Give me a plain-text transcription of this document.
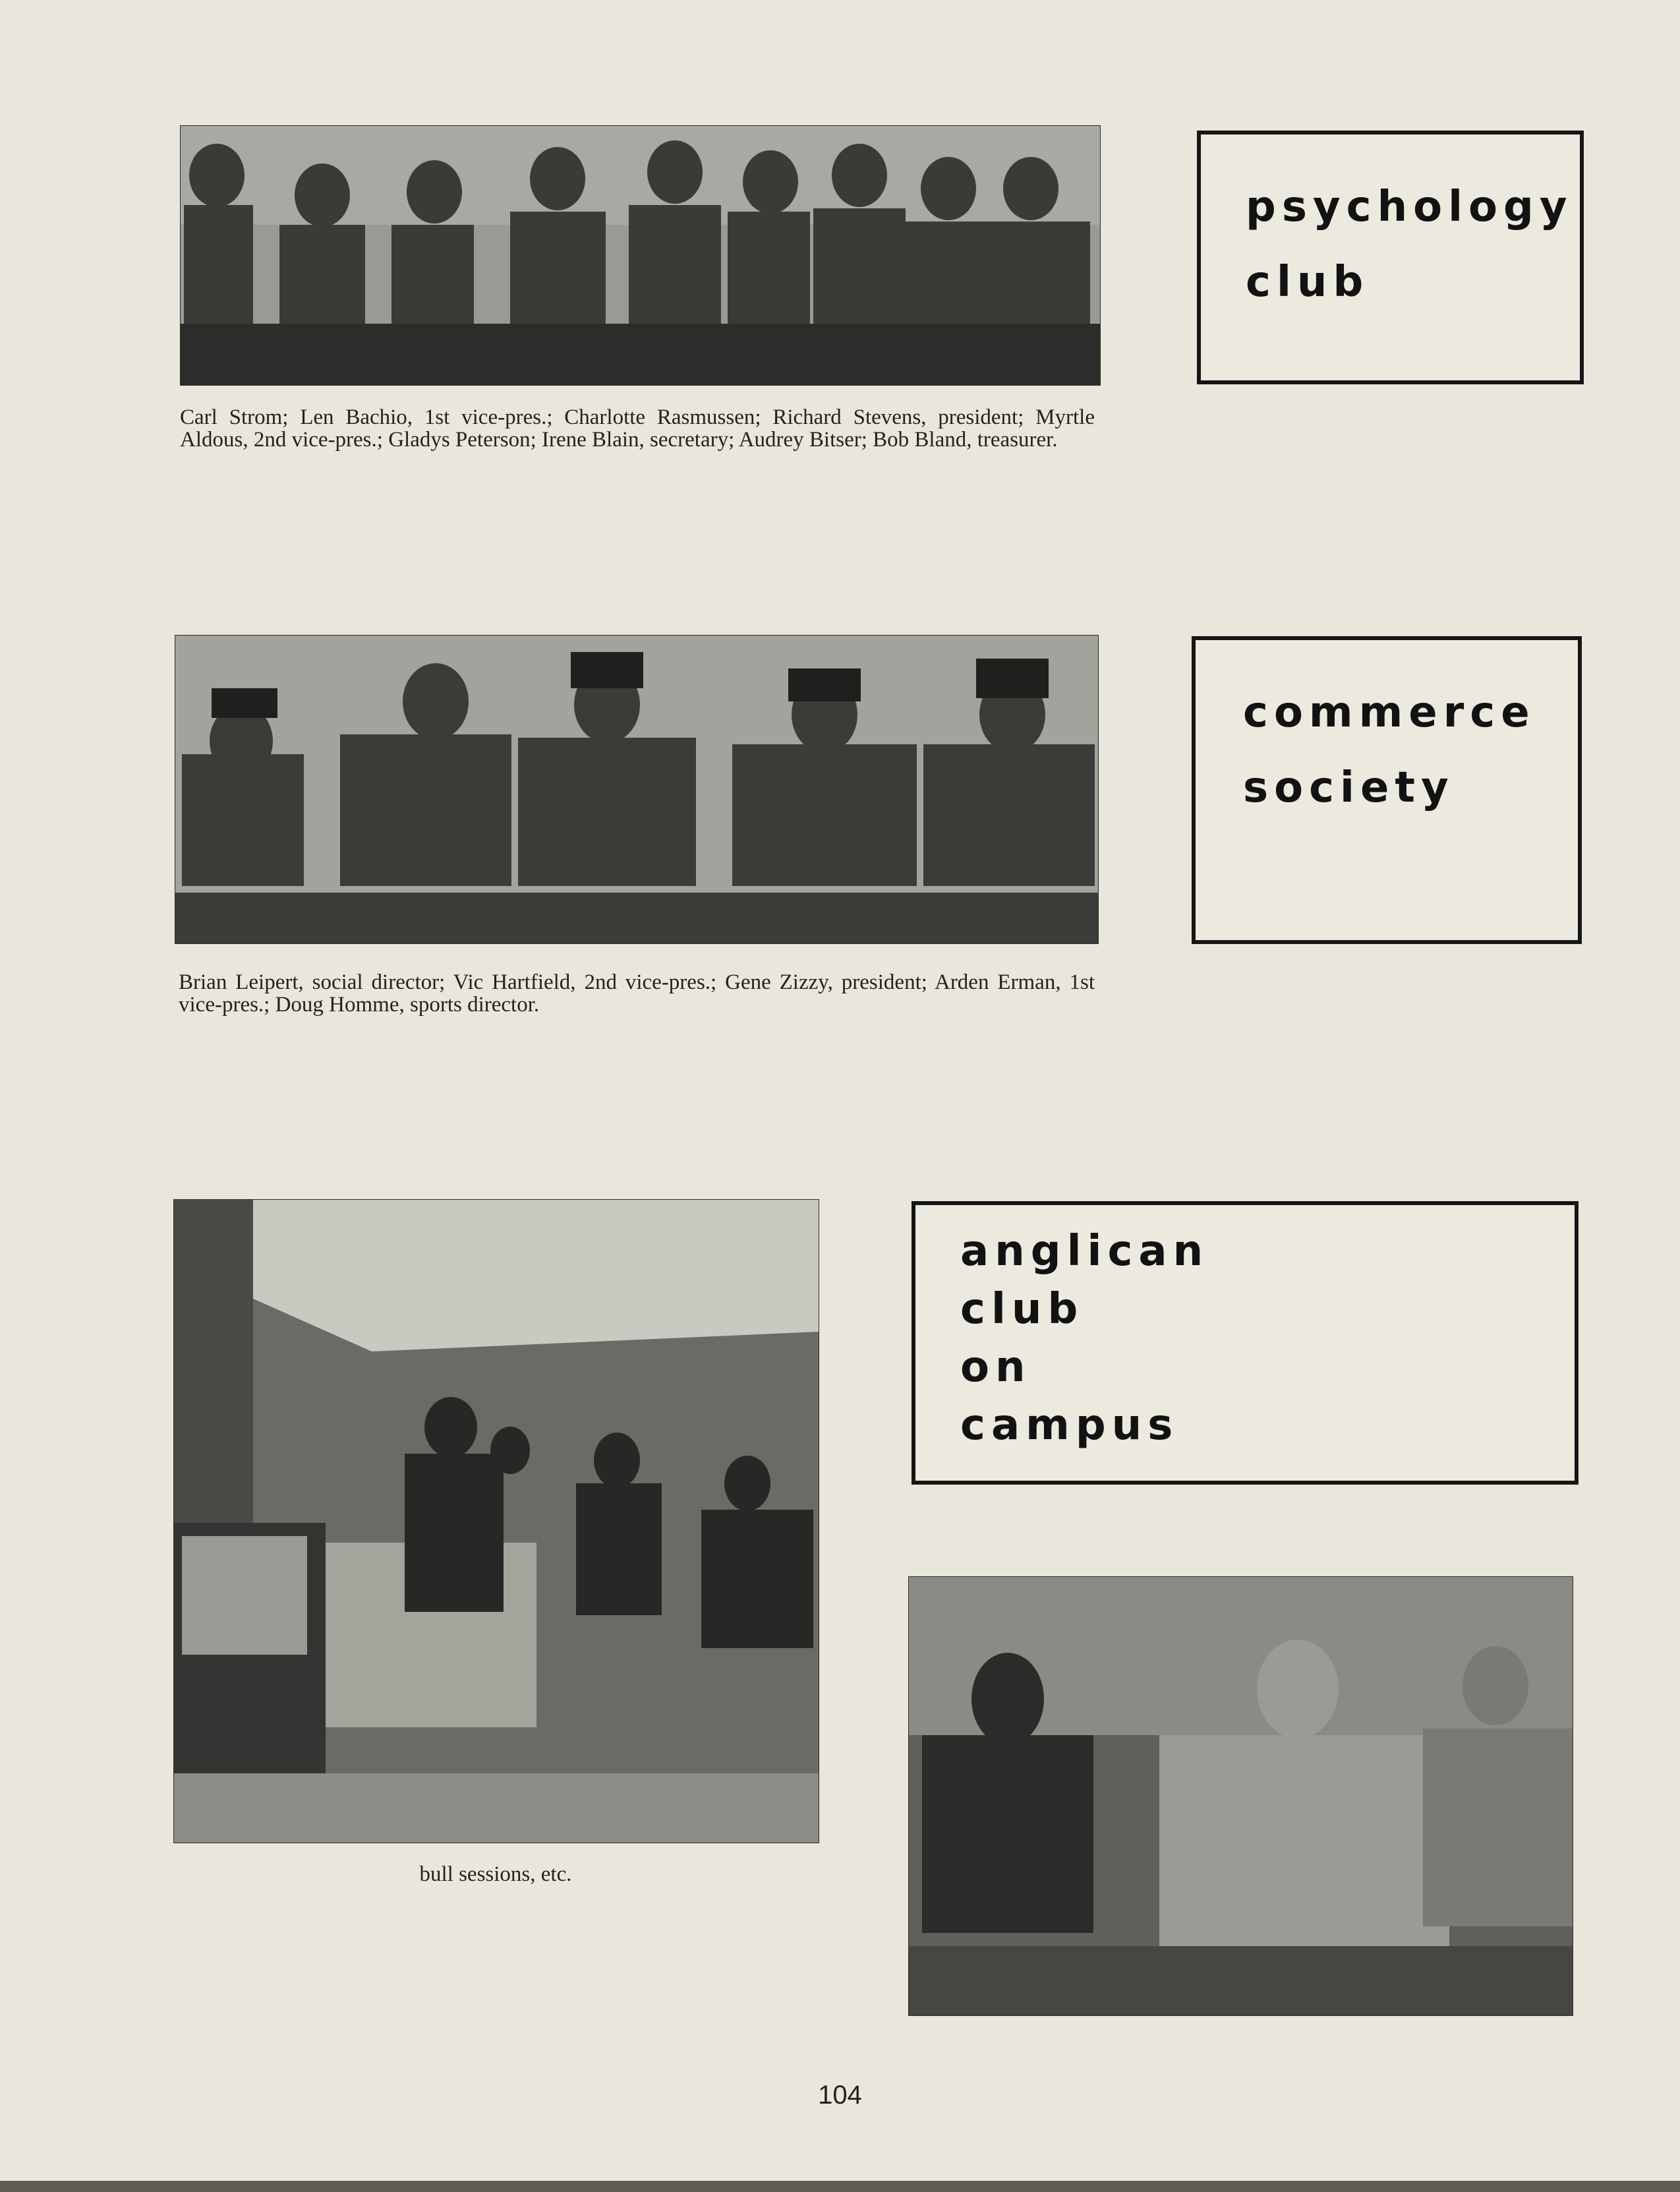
Carl Strom; Len Bachio, 1st vice-pres.; Charlotte Rasmussen; Richard Stevens, president; Myrtle Aldous, 2nd vice-pres.; Gladys Peterson; Irene Blain, secretary; Audrey Bitser; Bob Bland, treasurer.
psychology
club
Brian Leipert, social director; Vic Hartfield, 2nd vice-pres.; Gene Zizzy, president; Arden Erman, 1st vice-pres.; Doug Homme, sports director.
commerce
society
bull sessions, etc.
anglican
club
on
campus
104
